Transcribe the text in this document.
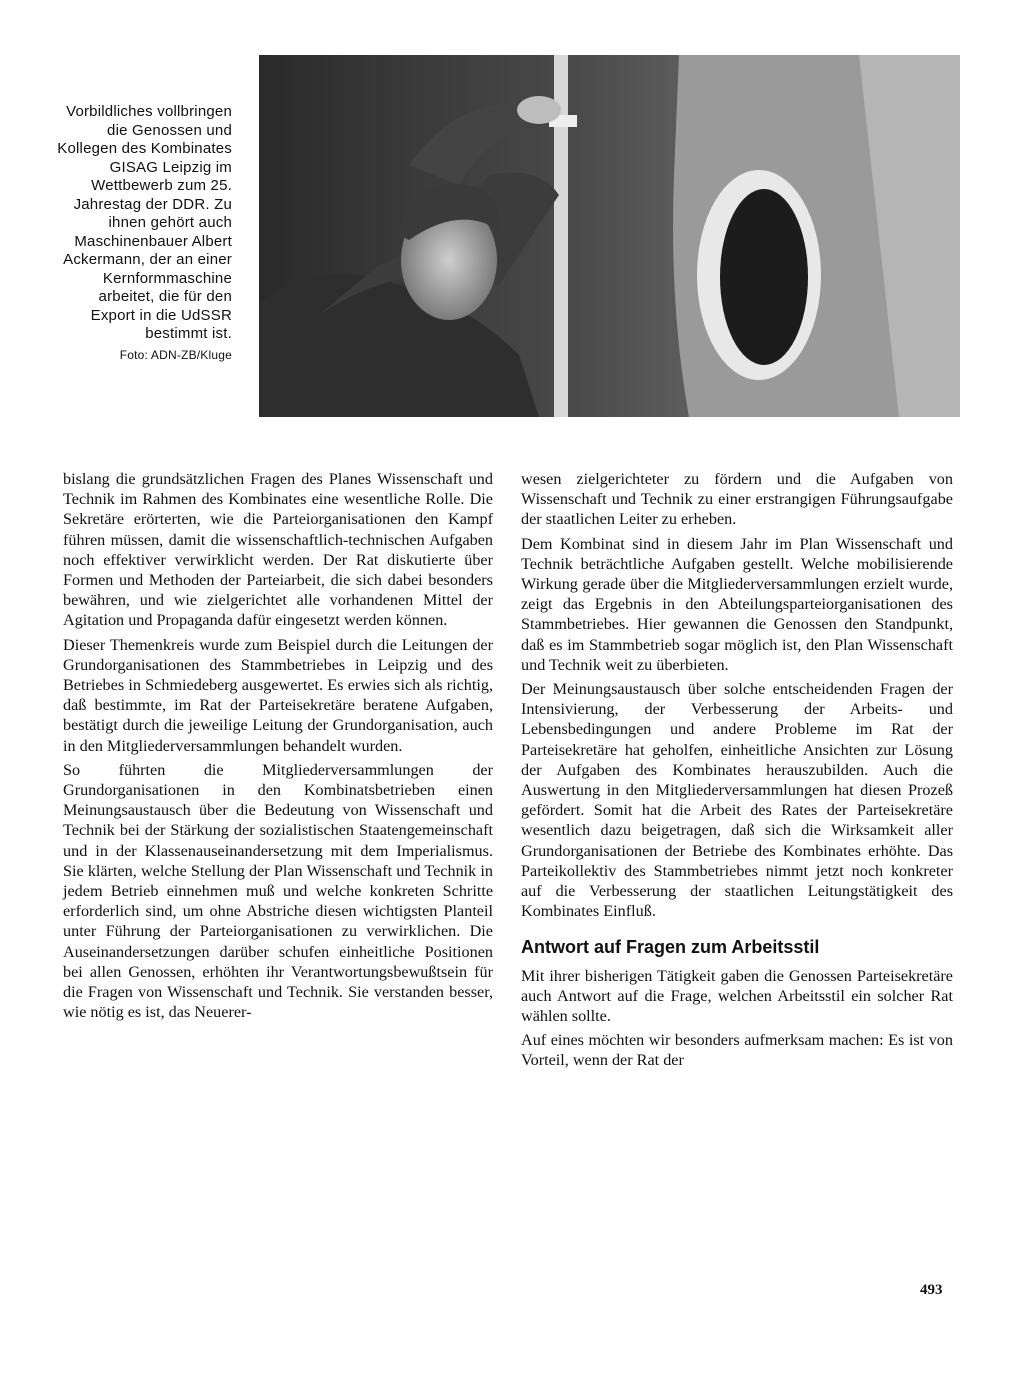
Vorbildliches vollbringen die Genossen und Kollegen des Kombinates GISAG Leipzig im Wettbewerb zum 25. Jahrestag der DDR. Zu ihnen gehört auch Maschinenbauer Albert Ackermann, der an einer Kernformmaschine arbeitet, die für den Export in die UdSSR bestimmt ist.
Foto: ADN-ZB/Kluge

bislang die grundsätzlichen Fragen des Planes Wissenschaft und Technik im Rahmen des Kombinates eine wesentliche Rolle. Die Sekretäre erörterten, wie die Parteiorganisationen den Kampf führen müssen, damit die wissenschaftlich-technischen Aufgaben noch effektiver verwirklicht werden. Der Rat diskutierte über Formen und Methoden der Parteiarbeit, die sich dabei besonders bewähren, und wie zielgerichtet alle vorhandenen Mittel der Agitation und Propaganda dafür eingesetzt werden können.

Dieser Themenkreis wurde zum Beispiel durch die Leitungen der Grundorganisationen des Stammbetriebes in Leipzig und des Betriebes in Schmiedeberg ausgewertet. Es erwies sich als richtig, daß bestimmte, im Rat der Parteisekretäre beratene Aufgaben, bestätigt durch die jeweilige Leitung der Grundorganisation, auch in den Mitgliederversammlungen behandelt wurden.

So führten die Mitgliederversammlungen der Grundorganisationen in den Kombinatsbetrieben einen Meinungsaustausch über die Bedeutung von Wissenschaft und Technik bei der Stärkung der sozialistischen Staatengemeinschaft und in der Klassenauseinandersetzung mit dem Imperialismus. Sie klärten, welche Stellung der Plan Wissenschaft und Technik in jedem Betrieb einnehmen muß und welche konkreten Schritte erforderlich sind, um ohne Abstriche diesen wichtigsten Planteil unter Führung der Parteiorganisationen zu verwirklichen. Die Auseinandersetzungen darüber schufen einheitliche Positionen bei allen Genossen, erhöhten ihr Verantwortungsbewußtsein für die Fragen von Wissenschaft und Technik. Sie verstanden besser, wie nötig es ist, das Neuerer-

wesen zielgerichteter zu fördern und die Aufgaben von Wissenschaft und Technik zu einer erstrangigen Führungsaufgabe der staatlichen Leiter zu erheben.

Dem Kombinat sind in diesem Jahr im Plan Wissenschaft und Technik beträchtliche Aufgaben gestellt. Welche mobilisierende Wirkung gerade über die Mitgliederversammlungen erzielt wurde, zeigt das Ergebnis in den Abteilungsparteiorganisationen des Stammbetriebes. Hier gewannen die Genossen den Standpunkt, daß es im Stammbetrieb sogar möglich ist, den Plan Wissenschaft und Technik weit zu überbieten.

Der Meinungsaustausch über solche entscheidenden Fragen der Intensivierung, der Verbesserung der Arbeits- und Lebensbedingungen und andere Probleme im Rat der Parteisekretäre hat geholfen, einheitliche Ansichten zur Lösung der Aufgaben des Kombinates herauszubilden. Auch die Auswertung in den Mitgliederversammlungen hat diesen Prozeß gefördert. Somit hat die Arbeit des Rates der Parteisekretäre wesentlich dazu beigetragen, daß sich die Wirksamkeit aller Grundorganisationen der Betriebe des Kombinates erhöhte. Das Parteikollektiv des Stammbetriebes nimmt jetzt noch konkreter auf die Verbesserung der staatlichen Leitungstätigkeit des Kombinates Einfluß.

Antwort auf Fragen zum Arbeitsstil

Mit ihrer bisherigen Tätigkeit gaben die Genossen Parteisekretäre auch Antwort auf die Frage, welchen Arbeitsstil ein solcher Rat wählen sollte.

Auf eines möchten wir besonders aufmerksam machen: Es ist von Vorteil, wenn der Rat der

493
